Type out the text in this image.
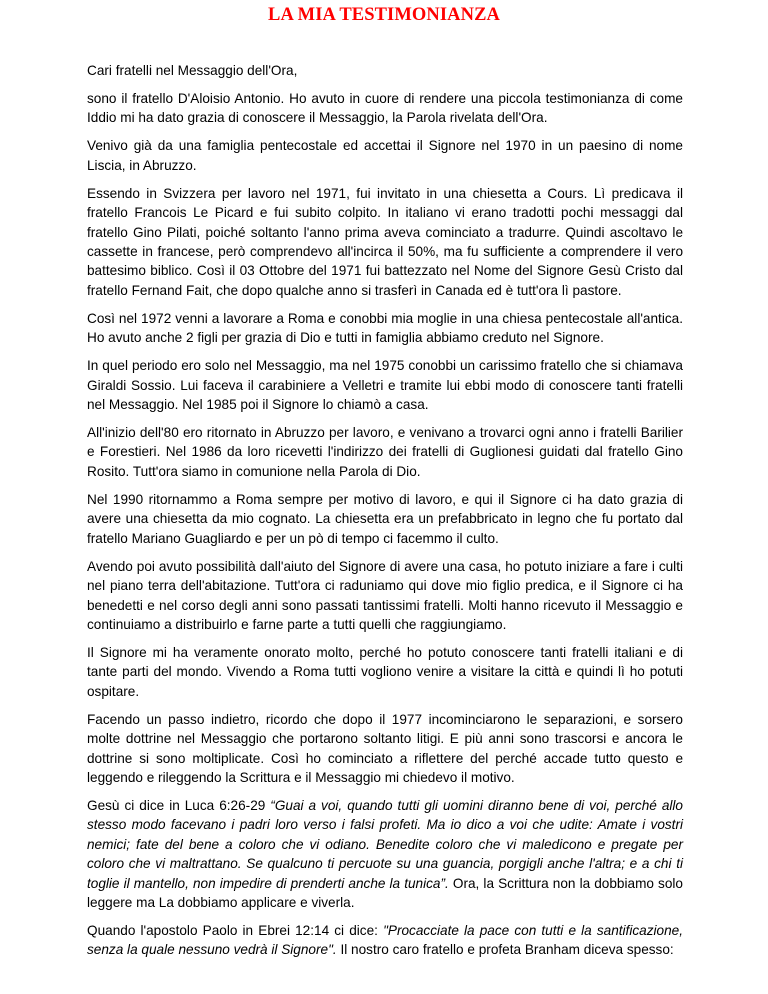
LA MIA TESTIMONIANZA

Cari fratelli nel Messaggio dell'Ora,

sono il fratello D'Aloisio Antonio. Ho avuto in cuore di rendere una piccola testimonianza di come Iddio mi ha dato grazia di conoscere il Messaggio, la Parola rivelata dell'Ora.

Venivo già da una famiglia pentecostale ed accettai il Signore nel 1970 in un paesino di nome Liscia, in Abruzzo.

Essendo in Svizzera per lavoro nel 1971, fui invitato in una chiesetta a Cours. Lì predicava il fratello Francois Le Picard e fui subito colpito. In italiano vi erano tradotti pochi messaggi dal fratello Gino Pilati, poiché soltanto l'anno prima aveva cominciato a tradurre. Quindi ascoltavo le cassette in francese, però comprendevo all'incirca il 50%, ma fu sufficiente a comprendere il vero battesimo biblico. Così il 03 Ottobre del 1971 fui battezzato nel Nome del Signore Gesù Cristo dal fratello Fernand Fait, che dopo qualche anno si trasferì in Canada ed è tutt'ora lì pastore.

Così nel 1972 venni a lavorare a Roma e conobbi mia moglie in una chiesa pentecostale all'antica. Ho avuto anche 2 figli per grazia di Dio e tutti in famiglia abbiamo creduto nel Signore.

In quel periodo ero solo nel Messaggio, ma nel 1975 conobbi un carissimo fratello che si chiamava Giraldi Sossio. Lui faceva il carabiniere a Velletri e tramite lui ebbi modo di conoscere tanti fratelli nel Messaggio. Nel 1985 poi il Signore lo chiamò a casa.

All'inizio dell'80 ero ritornato in Abruzzo per lavoro, e venivano a trovarci ogni anno i fratelli Barilier e Forestieri. Nel 1986 da loro ricevetti l'indirizzo dei fratelli di Guglionesi guidati dal fratello Gino Rosito. Tutt'ora siamo in comunione nella Parola di Dio.

Nel 1990 ritornammo a Roma sempre per motivo di lavoro, e qui il Signore ci ha dato grazia di avere una chiesetta da mio cognato. La chiesetta era un prefabbricato in legno che fu portato dal fratello Mariano Guagliardo e per un pò di tempo ci facemmo il culto.

Avendo poi avuto possibilità dall'aiuto del Signore di avere una casa, ho potuto iniziare a fare i culti nel piano terra dell'abitazione. Tutt'ora ci raduniamo qui dove mio figlio predica, e il Signore ci ha benedetti e nel corso degli anni sono passati tantissimi fratelli. Molti hanno ricevuto il Messaggio e continuiamo a distribuirlo e farne parte a tutti quelli che raggiungiamo.

Il Signore mi ha veramente onorato molto, perché ho potuto conoscere tanti fratelli italiani e di tante parti del mondo. Vivendo a Roma tutti vogliono venire a visitare la città e quindi lì ho potuti ospitare.

Facendo un passo indietro, ricordo che dopo il 1977 incominciarono le separazioni, e sorsero molte dottrine nel Messaggio che portarono soltanto litigi. E più anni sono trascorsi e ancora le dottrine si sono moltiplicate. Così ho cominciato a riflettere del perché accade tutto questo e leggendo e rileggendo la Scrittura e il Messaggio mi chiedevo il motivo.

Gesù ci dice in Luca 6:26-29 “Guai a voi, quando tutti gli uomini diranno bene di voi, perché allo stesso modo facevano i padri loro verso i falsi profeti. Ma io dico a voi che udite: Amate i vostri nemici; fate del bene a coloro che vi odiano. Benedite coloro che vi maledicono e pregate per coloro che vi maltrattano. Se qualcuno ti percuote su una guancia, porgigli anche l'altra; e a chi ti toglie il mantello, non impedire di prenderti anche la tunica”. Ora, la Scrittura non la dobbiamo solo leggere ma La dobbiamo applicare e viverla.

Quando l'apostolo Paolo in Ebrei 12:14 ci dice: "Procacciate la pace con tutti e la santificazione, senza la quale nessuno vedrà il Signore". Il nostro caro fratello e profeta Branham diceva spesso:
